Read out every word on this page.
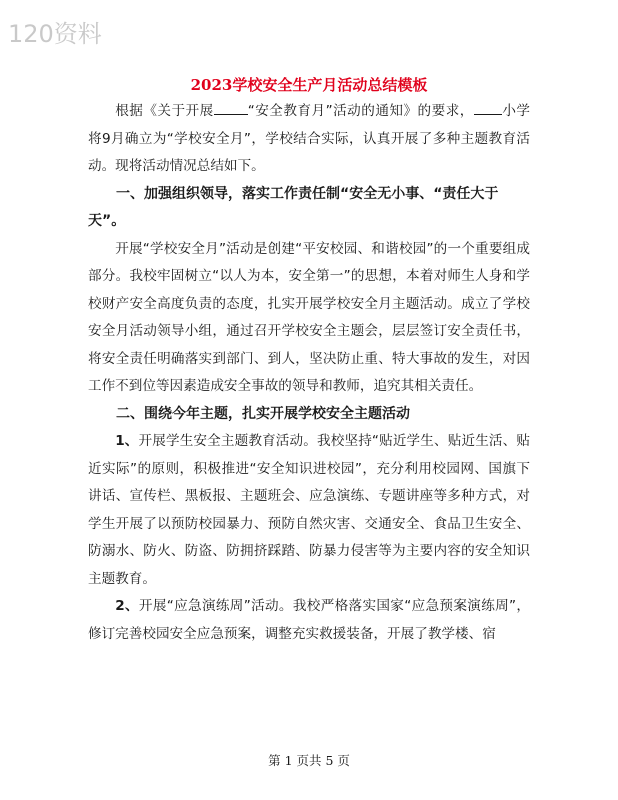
120资料
2023学校安全生产月活动总结模板

根据《关于开展	“安全教育月”活动的通知》的要求， 小学将9月确立为“学校安全月”，学校结合实际，认真开展了多种主题教育活动。现将活动情况总结如下。

一、加强组织领导，落实工作责任制“安全无小事、“责任大于天”。

开展“学校安全月”活动是创建“平安校园、和谐校园”的一个重要组成部分。我校牢固树立“以人为本，安全第一”的思想，本着对师生人身和学校财产安全高度负责的态度，扎实开展学校安全月主题活动。成立了学校安全月活动领导小组，通过召开学校安全主题会，层层签订安全责任书，将安全责任明确落实到部门、到人，坚决防止重、特大事故的发生，对因工作不到位等因素造成安全事故的领导和教师，追究其相关责任。

二、围绕今年主题，扎实开展学校安全主题活动

1、开展学生安全主题教育活动。我校坚持“贴近学生、贴近生活、贴近实际”的原则，积极推进“安全知识进校园”，充分利用校园网、国旗下讲话、宣传栏、黑板报、主题班会、应急演练、专题讲座等多种方式，对学生开展了以预防校园暴力、预防自然灾害、交通安全、食品卫生安全、防溺水、防火、防盗、防拥挤踩踏、防暴力侵害等为主要内容的安全知识主题教育。

2、开展“应急演练周”活动。我校严格落实国家“应急预案演练周”，修订完善校园安全应急预案，调整充实救援装备，开展了教学楼、宿

第 1 页共 5 页
